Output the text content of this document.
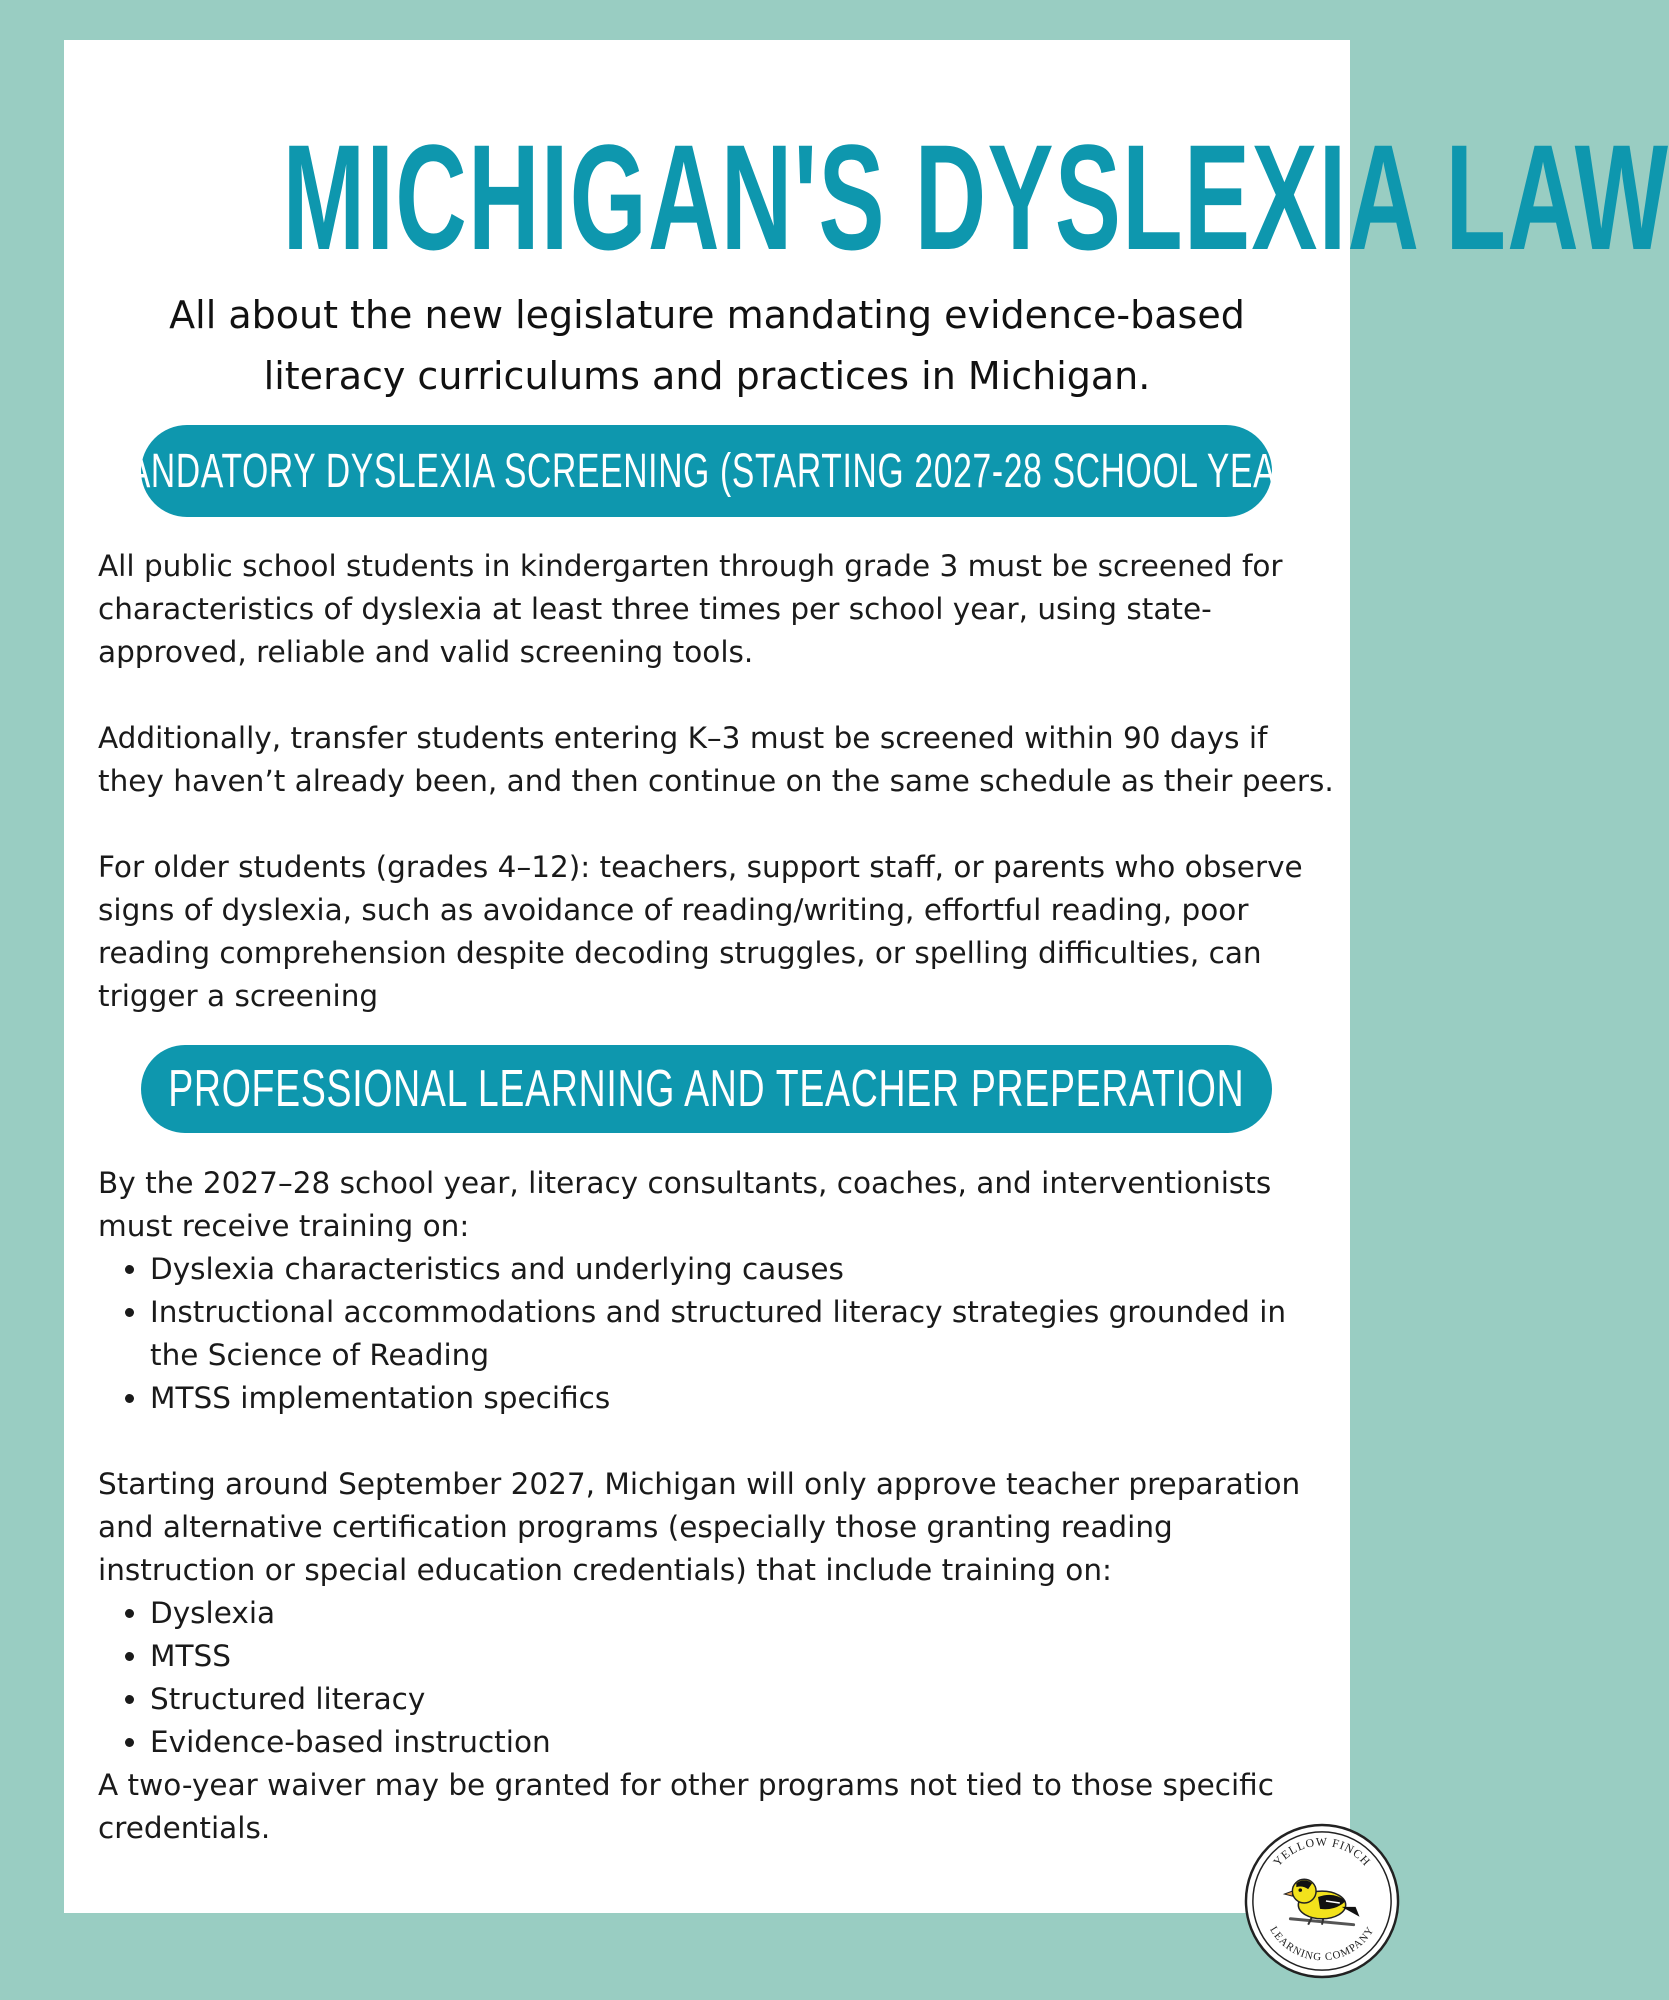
MICHIGAN'S DYSLEXIA LAW
All about the new legislature mandating evidence-based literacy curriculums and practices in Michigan.
MANDATORY DYSLEXIA SCREENING (STARTING 2027-28 SCHOOL YEAR)

All public school students in kindergarten through grade 3 must be screened for characteristics of dyslexia at least three times per school year, using state-approved, reliable and valid screening tools.

Additionally, transfer students entering K–3 must be screened within 90 days if they haven’t already been, and then continue on the same schedule as their peers.

For older students (grades 4–12): teachers, support staff, or parents who observe signs of dyslexia, such as avoidance of reading/writing, effortful reading, poor reading comprehension despite decoding struggles, or spelling difficulties, can trigger a screening

PROFESSIONAL LEARNING AND TEACHER PREPERATION

By the 2027–28 school year, literacy consultants, coaches, and interventionists must receive training on:

• Dyslexia characteristics and underlying causes
• Instructional accommodations and structured literacy strategies grounded in the Science of Reading
• MTSS implementation specifics

Starting around September 2027, Michigan will only approve teacher preparation and alternative certification programs (especially those granting reading instruction or special education credentials) that include training on:

• Dyslexia
• MTSS
• Structured literacy
• Evidence-based instruction

A two-year waiver may be granted for other programs not tied to those specific credentials.

YELLOW FINCH
LEARNING COMPANY
